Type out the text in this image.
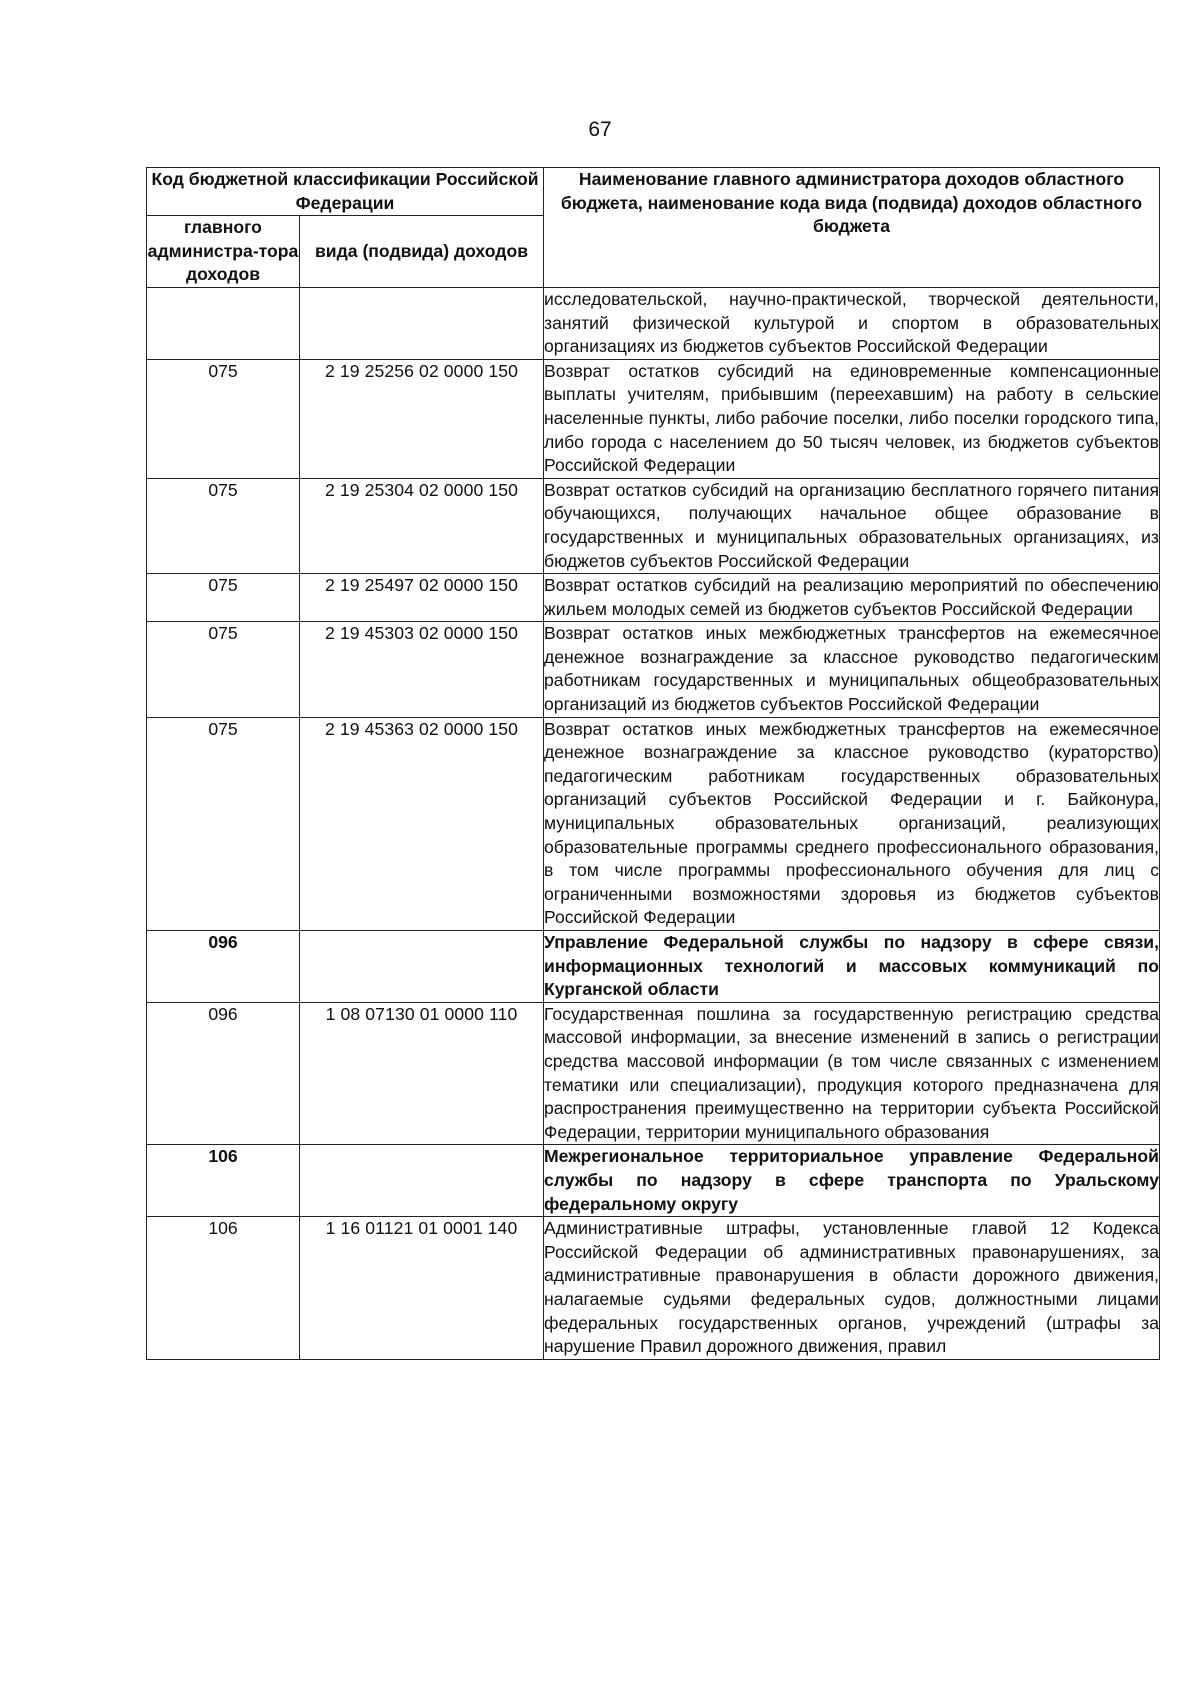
67
Код бюджетной классификации Российской Федерации		Наименование главного администратора доходов областного бюджета, наименование кода вида (подвида) доходов областного бюджета
главного администра-тора доходов	вида (подвида) доходов	
		исследовательской, научно-практической, творческой деятельности, занятий физической культурой и спортом в образовательных организациях из бюджетов субъектов Российской Федерации
075	2 19 25256 02 0000 150	Возврат остатков субсидий на единовременные компенсационные выплаты учителям, прибывшим (переехавшим) на работу в сельские населенные пункты, либо рабочие поселки, либо поселки городского типа, либо города с населением до 50 тысяч человек, из бюджетов субъектов Российской Федерации
075	2 19 25304 02 0000 150	Возврат остатков субсидий на организацию бесплатного горячего питания обучающихся, получающих начальное общее образование в государственных и муниципальных образовательных организациях, из бюджетов субъектов Российской Федерации
075	2 19 25497 02 0000 150	Возврат остатков субсидий на реализацию мероприятий по обеспечению жильем молодых семей из бюджетов субъектов Российской Федерации
075	2 19 45303 02 0000 150	Возврат остатков иных межбюджетных трансфертов на ежемесячное денежное вознаграждение за классное руководство педагогическим работникам государственных и муниципальных общеобразовательных организаций из бюджетов субъектов Российской Федерации
075	2 19 45363 02 0000 150	Возврат остатков иных межбюджетных трансфертов на ежемесячное денежное вознаграждение за классное руководство (кураторство) педагогическим работникам государственных образовательных организаций субъектов Российской Федерации и г. Байконура, муниципальных образовательных организаций, реализующих образовательные программы среднего профессионального образования, в том числе программы профессионального обучения для лиц с ограниченными возможностями здоровья из бюджетов субъектов Российской Федерации
096		Управление Федеральной службы по надзору в сфере связи, информационных технологий и массовых коммуникаций по Курганской области
096	1 08 07130 01 0000 110	Государственная пошлина за государственную регистрацию средства массовой информации, за внесение изменений в запись о регистрации средства массовой информации (в том числе связанных с изменением тематики или специализации), продукция которого предназначена для распространения преимущественно на территории субъекта Российской Федерации, территории муниципального образования
106		Межрегиональное территориальное управление Федеральной службы по надзору в сфере транспорта по Уральскому федеральному округу
106	1 16 01121 01 0001 140	Административные штрафы, установленные главой 12 Кодекса Российской Федерации об административных правонарушениях, за административные правонарушения в области дорожного движения, налагаемые судьями федеральных судов, должностными лицами федеральных государственных органов, учреждений (штрафы за нарушение Правил дорожного движения, правил
